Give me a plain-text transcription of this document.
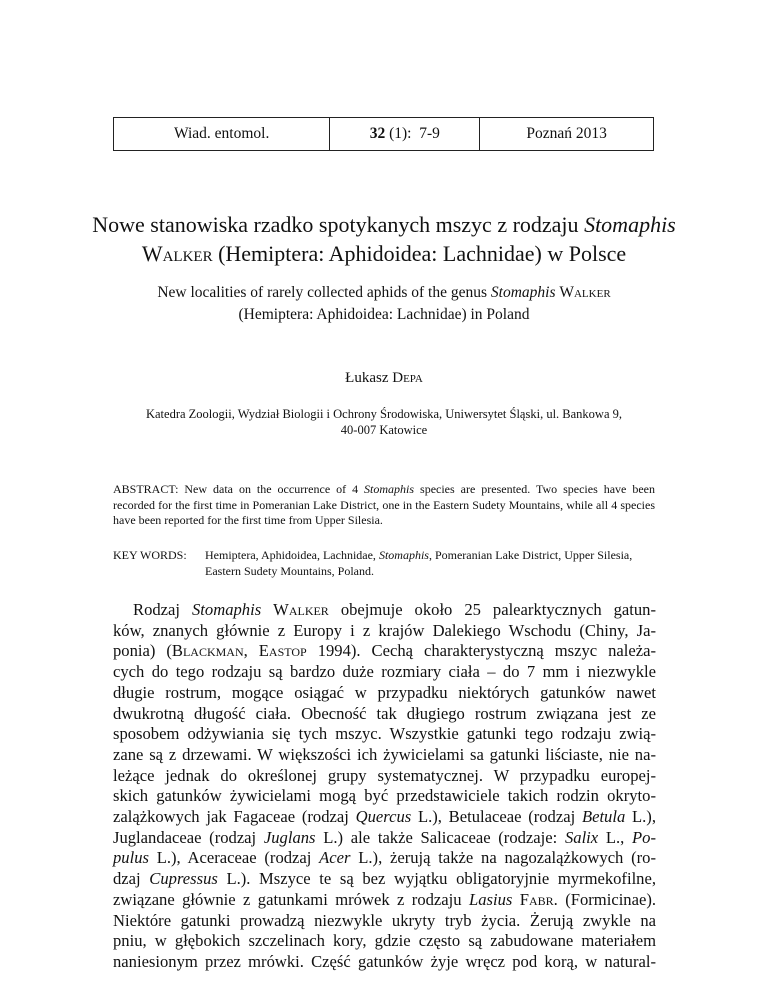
Wiad. entomol.	32 (1):  7-9	Poznań 2013
Nowe stanowiska rzadko spotykanych mszyc z rodzaju Stomaphis
Walker (Hemiptera: Aphidoidea: Lachnidae) w Polsce
New localities of rarely collected aphids of the genus Stomaphis Walker
(Hemiptera: Aphidoidea: Lachnidae) in Poland
Łukasz Depa
Katedra Zoologii, Wydział Biologii i Ochrony Środowiska, Uniwersytet Śląski, ul. Bankowa 9,
40-007 Katowice

ABSTRACT: New data on the occurrence of 4 Stomaphis species are presented. Two species have been recorded for the first time in Pomeranian Lake District, one in the Eastern Sudety Mountains, while all 4 species have been reported for the first time from Upper Silesia.

KEY WORDS:	Hemiptera, Aphidoidea, Lachnidae, Stomaphis, Pomeranian Lake District, Upper Silesia, Eastern Sudety Mountains, Poland.
Rodzaj Stomaphis Walker obejmuje około 25 palearktycznych gatun-
ków, znanych głównie z Europy i z krajów Dalekiego Wschodu (Chiny, Ja-
ponia) (Blackman, Eastop 1994). Cechą charakterystyczną mszyc należa-
cych do tego rodzaju są bardzo duże rozmiary ciała – do 7 mm i niezwykle
długie rostrum, mogące osiągać w przypadku niektórych gatunków nawet
dwukrotną długość ciała. Obecność tak długiego rostrum związana jest ze
sposobem odżywiania się tych mszyc. Wszystkie gatunki tego rodzaju zwią-
zane są z drzewami. W większości ich żywicielami sa gatunki liściaste, nie na-
leżące jednak do określonej grupy systematycznej. W przypadku europej-
skich gatunków żywicielami mogą być przedstawiciele takich rodzin okryto-
zalążkowych jak Fagaceae (rodzaj Quercus L.), Betulaceae (rodzaj Betula L.),
Juglandaceae (rodzaj Juglans L.) ale także Salicaceae (rodzaje: Salix L., Po-
pulus L.), Aceraceae (rodzaj Acer L.), żerują także na nagozalążkowych (ro-
dzaj Cupressus L.). Mszyce te są bez wyjątku obligatoryjnie myrmekofilne,
związane głównie z gatunkami mrówek z rodzaju Lasius Fabr. (Formicinae).
Niektóre gatunki prowadzą niezwykle ukryty tryb życia. Żerują zwykle na
pniu, w głębokich szczelinach kory, gdzie często są zabudowane materiałem
naniesionym przez mrówki. Część gatunków żyje wręcz pod korą, w natural-
